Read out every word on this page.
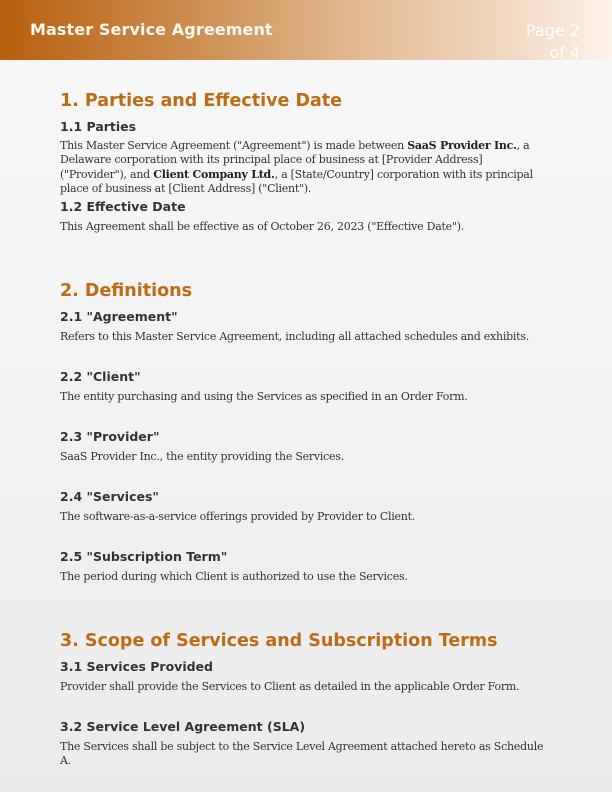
Master Service Agreement	Page 2
of 4
1. Parties and Effective Date
1.1 Parties
This Master Service Agreement ("Agreement") is made between SaaS Provider Inc., a Delaware corporation with its principal place of business at [Provider Address] ("Provider"), and Client Company Ltd., a [State/Country] corporation with its principal place of business at [Client Address] ("Client").
1.2 Effective Date
This Agreement shall be effective as of October 26, 2023 ("Effective Date").
2. Definitions
2.1 "Agreement"
Refers to this Master Service Agreement, including all attached schedules and exhibits.
2.2 "Client"
The entity purchasing and using the Services as specified in an Order Form.
2.3 "Provider"
SaaS Provider Inc., the entity providing the Services.
2.4 "Services"
The software-as-a-service offerings provided by Provider to Client.
2.5 "Subscription Term"
The period during which Client is authorized to use the Services.
3. Scope of Services and Subscription Terms
3.1 Services Provided
Provider shall provide the Services to Client as detailed in the applicable Order Form.
3.2 Service Level Agreement (SLA)
The Services shall be subject to the Service Level Agreement attached hereto as Schedule A.
